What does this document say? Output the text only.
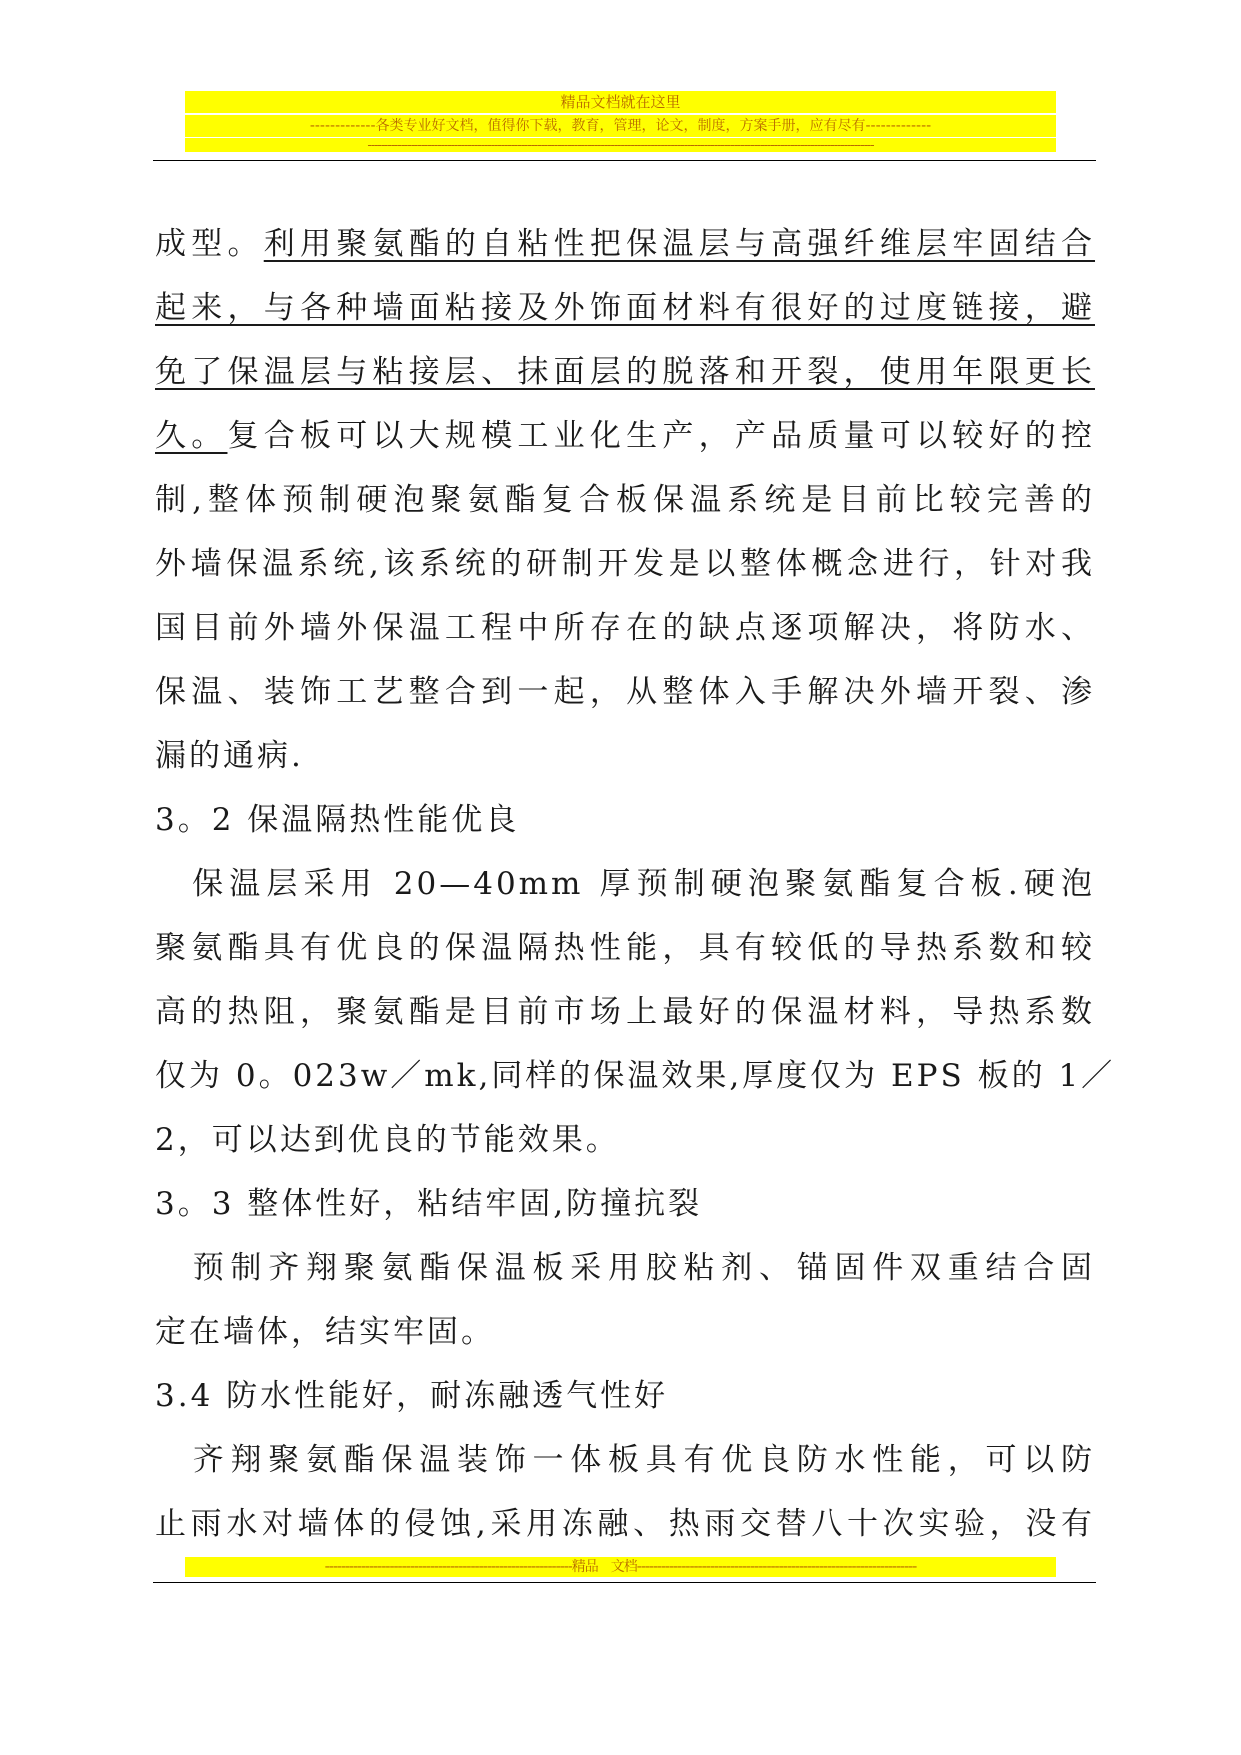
精品文档就在这里
-------------各类专业好文档，值得你下载，教育，管理，论文，制度，方案手册，应有尽有-------------
--------------------------------------------------------------------------------------------------------------------------------------------------------
成型。利用聚氨酯的自粘性把保温层与高强纤维层牢固结合
起来，与各种墙面粘接及外饰面材料有很好的过度链接，避
免了保温层与粘接层、抹面层的脱落和开裂，使用年限更长
久。复合板可以大规模工业化生产，产品质量可以较好的控
制,整体预制硬泡聚氨酯复合板保温系统是目前比较完善的
外墙保温系统,该系统的研制开发是以整体概念进行，针对我
国目前外墙外保温工程中所存在的缺点逐项解决，将防水、
保温、装饰工艺整合到一起，从整体入手解决外墙开裂、渗
漏的通病.
3。2 保温隔热性能优良
　保温层采用 20—40mm 厚预制硬泡聚氨酯复合板.硬泡
聚氨酯具有优良的保温隔热性能，具有较低的导热系数和较
高的热阻，聚氨酯是目前市场上最好的保温材料，导热系数
仅为 0。023w／mk,同样的保温效果,厚度仅为 EPS 板的 1／
2，可以达到优良的节能效果。
3。3 整体性好，粘结牢固,防撞抗裂
　预制齐翔聚氨酯保温板采用胶粘剂、锚固件双重结合固
定在墙体，结实牢固。
3.4 防水性能好，耐冻融透气性好
　齐翔聚氨酯保温装饰一体板具有优良防水性能，可以防
止雨水对墙体的侵蚀,采用冻融、热雨交替八十次实验，没有
-------------------------------------------------------------精品　文档---------------------------------------------------------------------
